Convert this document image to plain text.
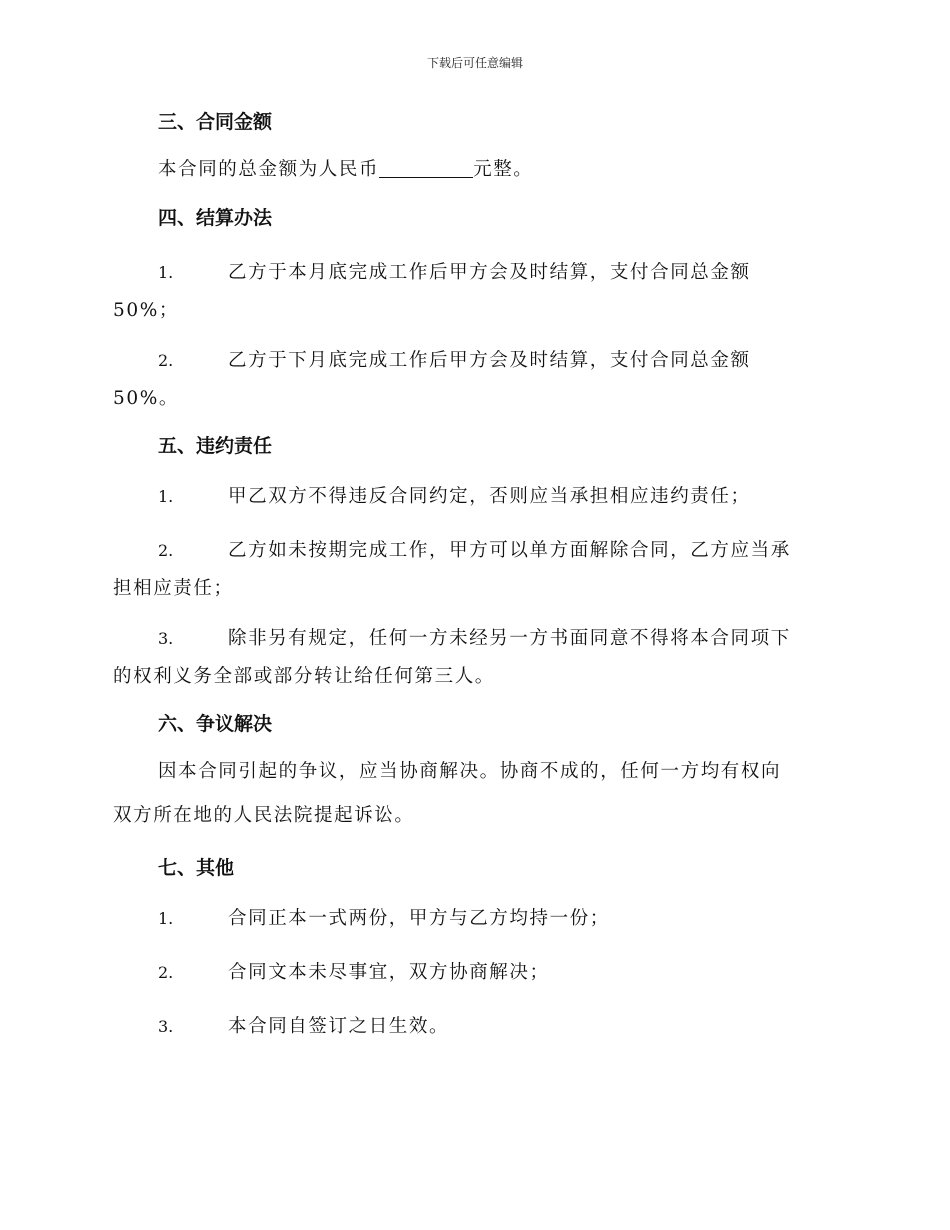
下载后可任意编辑
三、合同金额
本合同的总金额为人民币	元整。
四、结算办法
1.	乙方于本月底完成工作后甲方会及时结算，支付合同总金额
50%；
2.	乙方于下月底完成工作后甲方会及时结算，支付合同总金额
50%。
五、违约责任
1.	甲乙双方不得违反合同约定，否则应当承担相应违约责任；
2.	乙方如未按期完成工作，甲方可以单方面解除合同，乙方应当承
担相应责任；
3.	除非另有规定，任何一方未经另一方书面同意不得将本合同项下
的权利义务全部或部分转让给任何第三人。
六、争议解决
因本合同引起的争议，应当协商解决。协商不成的，任何一方均有权向
双方所在地的人民法院提起诉讼。
七、其他
1.	合同正本一式两份，甲方与乙方均持一份；
2.	合同文本未尽事宜，双方协商解决；
3.	本合同自签订之日生效。
